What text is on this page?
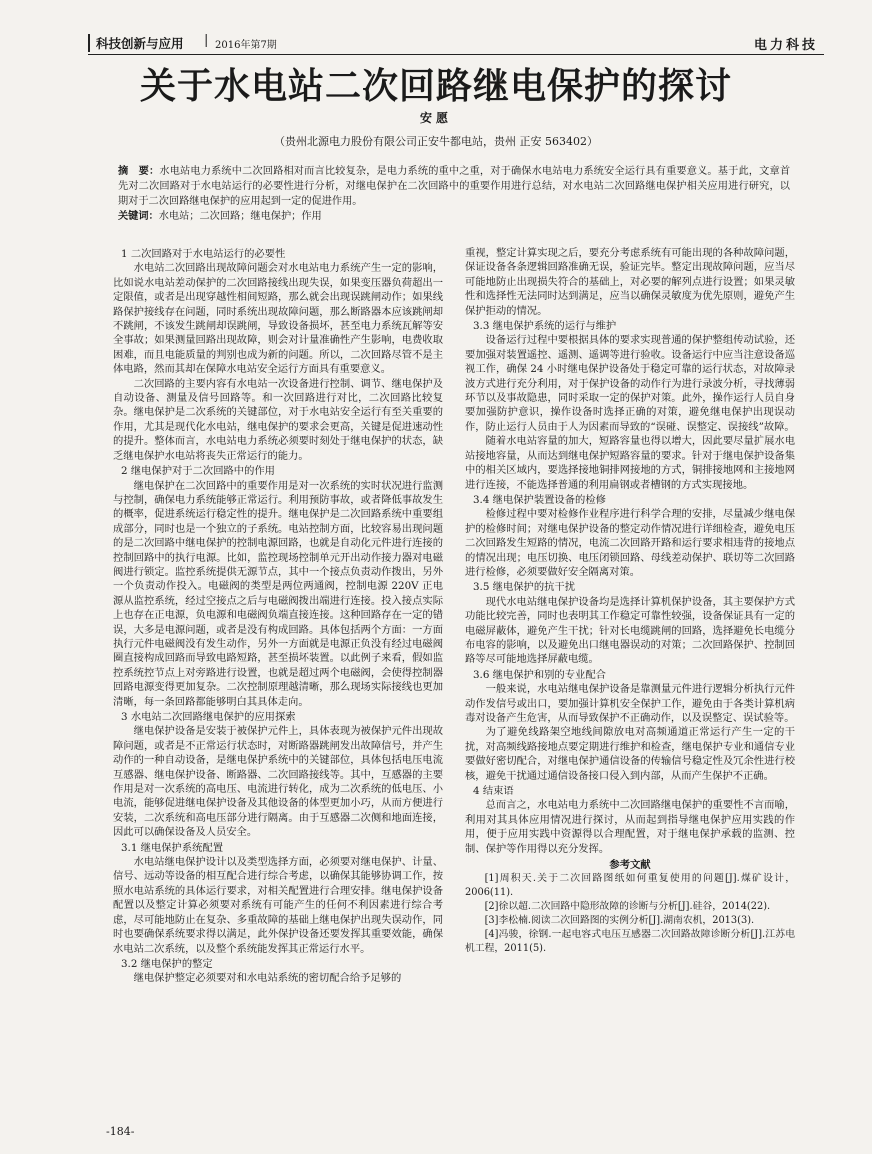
科技创新与应用 | 2016年第7期	电力科技
关于水电站二次回路继电保护的探讨
安愿
（贵州北源电力股份有限公司正安牛都电站，贵州 正安 563402）
摘　要：水电站电力系统中二次回路相对而言比较复杂，是电力系统的重中之重，对于确保水电站电力系统安全运行具有重要意义。基于此，文章首先对二次回路对于水电站运行的必要性进行分析，对继电保护在二次回路中的重要作用进行总结，对水电站二次回路继电保护相关应用进行研究，以期对于二次回路继电保护的应用起到一定的促进作用。
关键词：水电站；二次回路；继电保护；作用

1 二次回路对于水电站运行的必要性

水电站二次回路出现故障问题会对水电站电力系统产生一定的影响，比如说水电站差动保护的二次回路接线出现失误，如果变压器负荷超出一定限值，或者是出现穿越性相间短路，那么就会出现误跳闸动作；如果线路保护接线存在问题，同时系统出现故障问题，那么断路器本应该跳闸却不跳闸，不该发生跳闸却误跳闸，导致设备损坏，甚至电力系统瓦解等安全事故；如果测量回路出现故障，则会对计量准确性产生影响，电费收取困难，而且电能质量的判别也成为新的问题。所以，二次回路尽管不是主体电路，然而其却在保障水电站安全运行方面具有重要意义。

二次回路的主要内容有水电站一次设备进行控制、调节、继电保护及自动设备、测量及信号回路等。和一次回路进行对比，二次回路比较复杂。继电保护是二次系统的关键部位，对于水电站安全运行有至关重要的作用，尤其是现代化水电站，继电保护的要求会更高，关键是促进速动性的提升。整体而言，水电站电力系统必须要时刻处于继电保护的状态，缺乏继电保护水电站将丧失正常运行的能力。

2 继电保护对于二次回路中的作用

继电保护在二次回路中的重要作用是对一次系统的实时状况进行监测与控制，确保电力系统能够正常运行。利用预防事故，或者降低事故发生的概率，促进系统运行稳定性的提升。继电保护是二次回路系统中重要组成部分，同时也是一个独立的子系统。电站控制方面，比较容易出现问题的是二次回路中继电保护的控制电源回路，也就是自动化元件进行连接的控制回路中的执行电源。比如，监控现场控制单元开出动作接力器对电磁阀进行锁定。监控系统提供无源节点，其中一个接点负责动作拨出，另外一个负责动作投入。电磁阀的类型是两位两通阀，控制电源 220V 正电源从监控系统，经过空接点之后与电磁阀拨出端进行连接。投入接点实际上也存在正电源，负电源和电磁阀负端直接连接。这种回路存在一定的错误，大多是电源问题，或者是没有构成回路。具体包括两个方面：一方面执行元件电磁阀没有发生动作，另外一方面就是电源正负没有经过电磁阀圈直接构成回路而导致电路短路，甚至损坏装置。以此例子来看，假如监控系统控节点上对旁路进行设置，也就是超过两个电磁阀，会使得控制器回路电源变得更加复杂。二次控制原理越清晰，那么现场实际接线也更加清晰，每一条回路都能够明白其具体走向。

3 水电站二次回路继电保护的应用探索

继电保护设备是安装于被保护元件上，具体表现为被保护元件出现故障问题，或者是不正常运行状态时，对断路器跳闸发出故障信号，并产生动作的一种自动设备，是继电保护系统中的关键部位，具体包括电压电流互感器、继电保护设备、断路器、二次回路接线等。其中，互感器的主要作用是对一次系统的高电压、电流进行转化，成为二次系统的低电压、小电流，能够促进继电保护设备及其他设备的体型更加小巧，从而方便进行安装，二次系统和高电压部分进行隔离。由于互感器二次侧和地面连接，因此可以确保设备及人员安全。

3.1 继电保护系统配置

水电站继电保护设计以及类型选择方面，必须要对继电保护、计量、信号、远动等设备的相互配合进行综合考虑，以确保其能够协调工作，按照水电站系统的具体运行要求，对相关配置进行合理安排。继电保护设备配置以及整定计算必须要对系统有可能产生的任何不利因素进行综合考虑，尽可能地防止在复杂、多重故障的基础上继电保护出现失误动作，同时也要确保系统要求得以满足，此外保护设备还要发挥其重要效能，确保水电站二次系统，以及整个系统能发挥其正常运行水平。

3.2 继电保护的整定

继电保护整定必须要对和水电站系统的密切配合给予足够的

重视，整定计算实现之后，要充分考虑系统有可能出现的各种故障问题，保证设备各条逻辑回路准确无误，验证完毕。整定出现故障问题，应当尽可能地防止出现损失符合的基础上，对必要的解列点进行设置；如果灵敏性和选择性无法同时达到满足，应当以确保灵敏度为优先原则，避免产生保护拒动的情况。

3.3 继电保护系统的运行与维护

设备运行过程中要根据具体的要求实现普通的保护整组传动试验，还要加强对装置遥控、遥测、遥调等进行验收。设备运行中应当注意设备巡视工作，确保 24 小时继电保护设备处于稳定可靠的运行状态，对故障录波方式进行充分利用，对于保护设备的动作行为进行录波分析，寻找薄弱环节以及事故隐患，同时采取一定的保护对策。此外，操作运行人员自身要加强防护意识，操作设备时选择正确的对策，避免继电保护出现误动作，防止运行人员由于人为因素而导致的“误碰、误整定、误接线”故障。

随着水电站容量的加大，短路容量也得以增大，因此要尽量扩展水电站接地容量，从而达到继电保护短路容量的要求。针对于继电保护设备集中的相关区域内，要选择接地铜排网接地的方式，铜排接地网和主接地网进行连接，不能选择普通的利用扁钢或者槽钢的方式实现接地。

3.4 继电保护装置设备的检修

检修过程中要对检修作业程序进行科学合理的安排，尽量减少继电保护的检修时间；对继电保护设备的整定动作情况进行详细检查，避免电压二次回路发生短路的情况，电流二次回路开路和运行要求相违背的接地点的情况出现；电压切换、电压闭锁回路、母线差动保护、联切等二次回路进行检修，必须要做好安全隔离对策。

3.5 继电保护的抗干扰

现代水电站继电保护设备均是选择计算机保护设备，其主要保护方式功能比较完善，同时也表明其工作稳定可靠性较强，设备保证具有一定的电磁屏蔽体，避免产生干扰；针对长电缆跳闸的回路，选择避免长电缆分布电容的影响，以及避免出口继电器误动的对策；二次回路保护、控制回路等尽可能地选择屏蔽电缆。

3.6 继电保护和别的专业配合

一般来说，水电站继电保护设备是靠测量元件进行逻辑分析执行元件动作发信号或出口，要加强计算机安全保护工作，避免由于各类计算机病毒对设备产生危害，从而导致保护不正确动作，以及误整定、误试验等。

为了避免线路架空地线间隙放电对高频通道正常运行产生一定的干扰，对高频线路接地点要定期进行维护和检查，继电保护专业和通信专业要做好密切配合，对继电保护通信设备的传输信号稳定性及冗余性进行校核，避免干扰通过通信设备接口侵入到内部，从而产生保护不正确。

4 结束语

总而言之，水电站电力系统中二次回路继电保护的重要性不言而喻，利用对其具体应用情况进行探讨，从而起到指导继电保护应用实践的作用，便于应用实践中资源得以合理配置，对于继电保护承载的监测、控制、保护等作用得以充分发挥。

参考文献

[1]周积天.关于二次回路图纸如何重复使用的问题[J].煤矿设计，2006(11).

[2]徐以超.二次回路中隐形故障的诊断与分析[J].硅谷，2014(22).

[3]李松楠.阅读二次回路图的实例分析[J].湖南农机，2013(3).

[4]冯骏，徐钢.一起电容式电压互感器二次回路故障诊断分析[J].江苏电机工程，2011(5).

-184-
